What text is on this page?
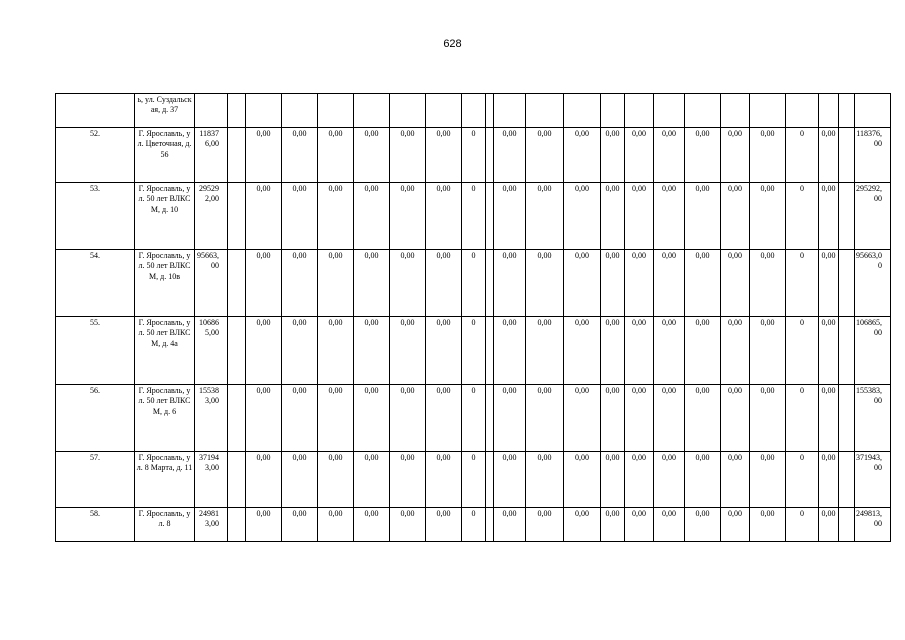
628
	ь, ул. Суздальская, д. 37																							
52.	Г. Ярославль, ул. Цветочная, д. 56	118376,00		0,00	0,00	0,00	0,00	0,00	0,00	0		0,00	0,00	0,00	0,00	0,00	0,00	0,00	0,00	0,00	0	0,00		118376,00
53.	Г. Ярославль, ул. 50 лет ВЛКСМ, д. 10	295292,00		0,00	0,00	0,00	0,00	0,00	0,00	0		0,00	0,00	0,00	0,00	0,00	0,00	0,00	0,00	0,00	0	0,00		295292,00
54.	Г. Ярославль, ул. 50 лет ВЛКСМ, д. 10в	95663,00		0,00	0,00	0,00	0,00	0,00	0,00	0		0,00	0,00	0,00	0,00	0,00	0,00	0,00	0,00	0,00	0	0,00		95663,00
55.	Г. Ярославль, ул. 50 лет ВЛКСМ, д. 4а	106865,00		0,00	0,00	0,00	0,00	0,00	0,00	0		0,00	0,00	0,00	0,00	0,00	0,00	0,00	0,00	0,00	0	0,00		106865,00
56.	Г. Ярославль, ул. 50 лет ВЛКСМ, д. 6	155383,00		0,00	0,00	0,00	0,00	0,00	0,00	0		0,00	0,00	0,00	0,00	0,00	0,00	0,00	0,00	0,00	0	0,00		155383,00
57.	Г. Ярославль, ул. 8 Марта, д. 11	371943,00		0,00	0,00	0,00	0,00	0,00	0,00	0		0,00	0,00	0,00	0,00	0,00	0,00	0,00	0,00	0,00	0	0,00		371943,00
58.	Г. Ярославль, ул. 8	249813,00		0,00	0,00	0,00	0,00	0,00	0,00	0		0,00	0,00	0,00	0,00	0,00	0,00	0,00	0,00	0,00	0	0,00		249813,00
